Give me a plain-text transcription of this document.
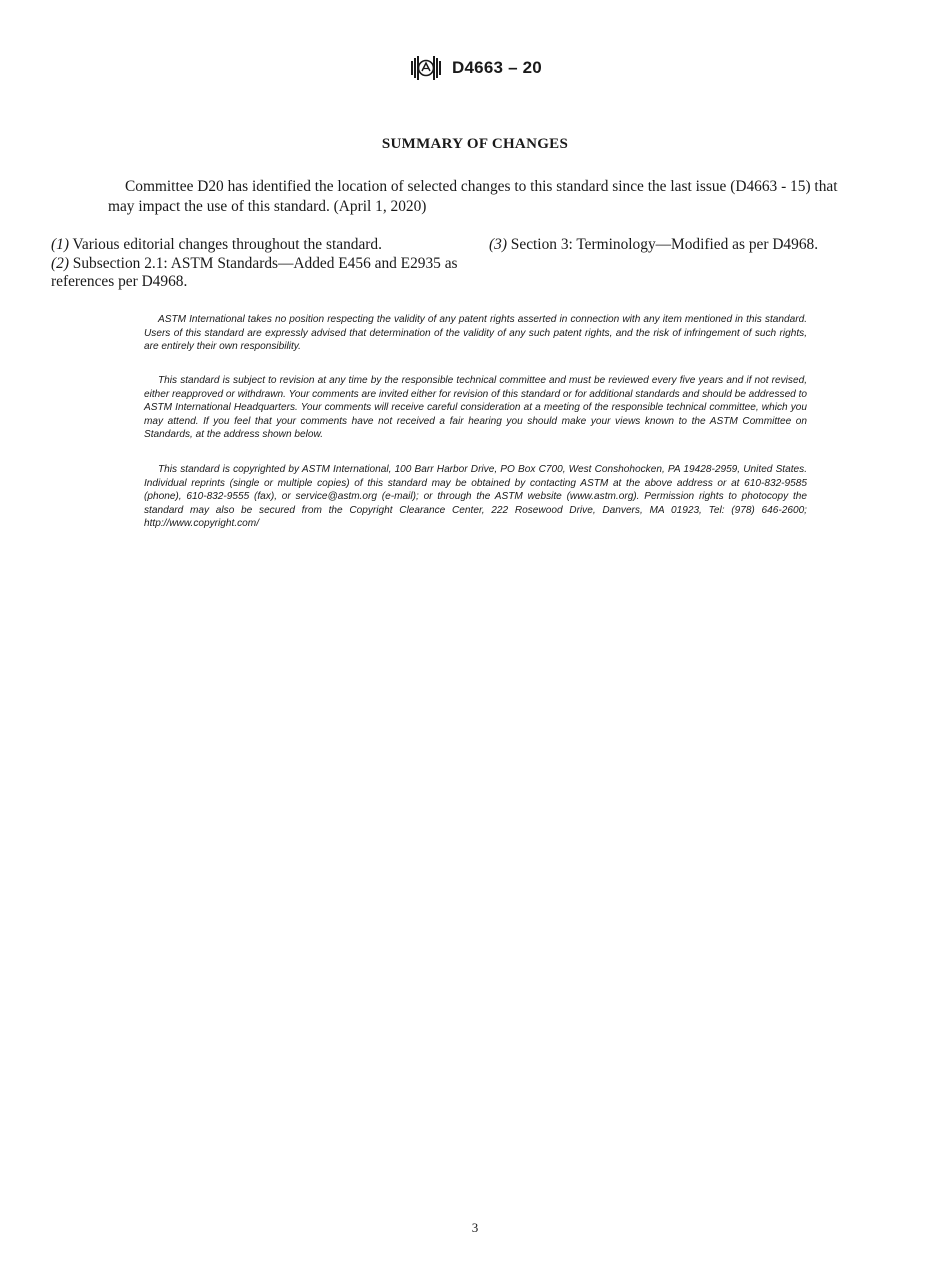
D4663 – 20
SUMMARY OF CHANGES

Committee D20 has identified the location of selected changes to this standard since the last issue (D4663 - 15) that may impact the use of this standard. (April 1, 2020)

(1) Various editorial changes throughout the standard.
(2) Subsection 2.1: ASTM Standards—Added E456 and E2935 as references per D4968.
(3) Section 3: Terminology—Modified as per D4968.

ASTM International takes no position respecting the validity of any patent rights asserted in connection with any item mentioned in this standard. Users of this standard are expressly advised that determination of the validity of any such patent rights, and the risk of infringement of such rights, are entirely their own responsibility.

This standard is subject to revision at any time by the responsible technical committee and must be reviewed every five years and if not revised, either reapproved or withdrawn. Your comments are invited either for revision of this standard or for additional standards and should be addressed to ASTM International Headquarters. Your comments will receive careful consideration at a meeting of the responsible technical committee, which you may attend. If you feel that your comments have not received a fair hearing you should make your views known to the ASTM Committee on Standards, at the address shown below.

This standard is copyrighted by ASTM International, 100 Barr Harbor Drive, PO Box C700, West Conshohocken, PA 19428-2959, United States. Individual reprints (single or multiple copies) of this standard may be obtained by contacting ASTM at the above address or at 610-832-9585 (phone), 610-832-9555 (fax), or service@astm.org (e-mail); or through the ASTM website (www.astm.org). Permission rights to photocopy the standard may also be secured from the Copyright Clearance Center, 222 Rosewood Drive, Danvers, MA 01923, Tel: (978) 646-2600; http://www.copyright.com/

3
